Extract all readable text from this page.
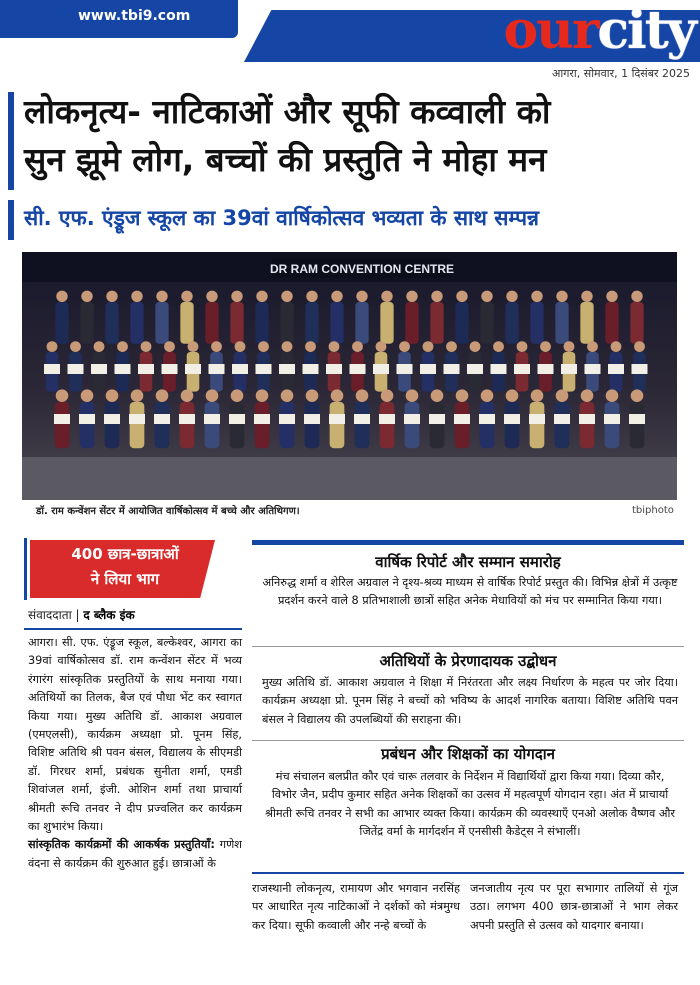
www.tbi9.com	ourcity
आगरा, सोमवार, 1 दिसंबर 2025
लोकनृत्य- नाटिकाओं और सूफी कव्वाली को
सुन झूमे लोग, बच्चों की प्रस्तुति ने मोहा मन
सी. एफ. एंड्रूज स्कूल का 39वां वार्षिकोत्सव भव्यता के साथ सम्पन्न
DR RAM CONVENTION CENTRE
डॉ. राम कन्वेंशन सेंटर में आयोजित वार्षिकोत्सव में बच्चे और अतिथिगण।	tbiphoto
400 छात्र-छात्राओं
ने लिया भाग
संवाददाता | द ब्लैक इंक

आगरा। सी. एफ. एंड्रूज स्कूल, बल्केश्वर, आगरा का 39वां वार्षिकोत्सव डॉ. राम कन्वेंशन सेंटर में भव्य रंगारंग सांस्कृतिक प्रस्तुतियों के साथ मनाया गया। अतिथियों का तिलक, बैज एवं पौधा भेंट कर स्वागत किया गया। मुख्य अतिथि डॉ. आकाश अग्रवाल (एमएलसी), कार्यक्रम अध्यक्षा प्रो. पूनम सिंह, विशिष्ट अतिथि श्री पवन बंसल, विद्यालय के सीएमडी डॉ. गिरधर शर्मा, प्रबंधक सुनीता शर्मा, एमडी शिवांजल शर्मा, इंजी. ओशिन शर्मा तथा प्राचार्या श्रीमती रूचि तनवर ने दीप प्रज्वलित कर कार्यक्रम का शुभारंभ किया।

सांस्कृतिक कार्यक्रमों की आकर्षक प्रस्तुतियाँ: गणेश वंदना से कार्यक्रम की शुरुआत हुई। छात्राओं के

वार्षिक रिपोर्ट और सम्मान समारोह
अनिरुद्ध शर्मा व शेरिल अग्रवाल ने दृश्य-श्रव्य माध्यम से वार्षिक रिपोर्ट प्रस्तुत की। विभिन्न क्षेत्रों में उत्कृष्ट प्रदर्शन करने वाले 8 प्रतिभाशाली छात्रों सहित अनेक मेधावियों को मंच पर सम्मानित किया गया।
अतिथियों के प्रेरणादायक उद्बोधन
मुख्य अतिथि डॉ. आकाश अग्रवाल ने शिक्षा में निरंतरता और लक्ष्य निर्धारण के महत्व पर जोर दिया। कार्यक्रम अध्यक्षा प्रो. पूनम सिंह ने बच्चों को भविष्य के आदर्श नागरिक बताया। विशिष्ट अतिथि पवन बंसल ने विद्यालय की उपलब्धियों की सराहना की।
प्रबंधन और शिक्षकों का योगदान
मंच संचालन बलप्रीत कौर एवं चारू तलवार के निर्देशन में विद्यार्थियों द्वारा किया गया। दिव्या कौर, विभोर जैन, प्रदीप कुमार सहित अनेक शिक्षकों का उत्सव में महत्वपूर्ण योगदान रहा। अंत में प्राचार्या श्रीमती रूचि तनवर ने सभी का आभार व्यक्त किया। कार्यक्रम की व्यवस्थाएँ एनओ अलोक वैष्णव और जितेंद्र वर्मा के मार्गदर्शन में एनसीसी कैडेट्स ने संभालीं।
राजस्थानी लोकनृत्य, रामायण और भगवान नरसिंह पर आधारित नृत्य नाटिकाओं ने दर्शकों को मंत्रमुग्ध कर दिया। सूफी कव्वाली और नन्हे बच्चों के
जनजातीय नृत्य पर पूरा सभागार तालियों से गूंज उठा। लगभग 400 छात्र-छात्राओं ने भाग लेकर अपनी प्रस्तुति से उत्सव को यादगार बनाया।
